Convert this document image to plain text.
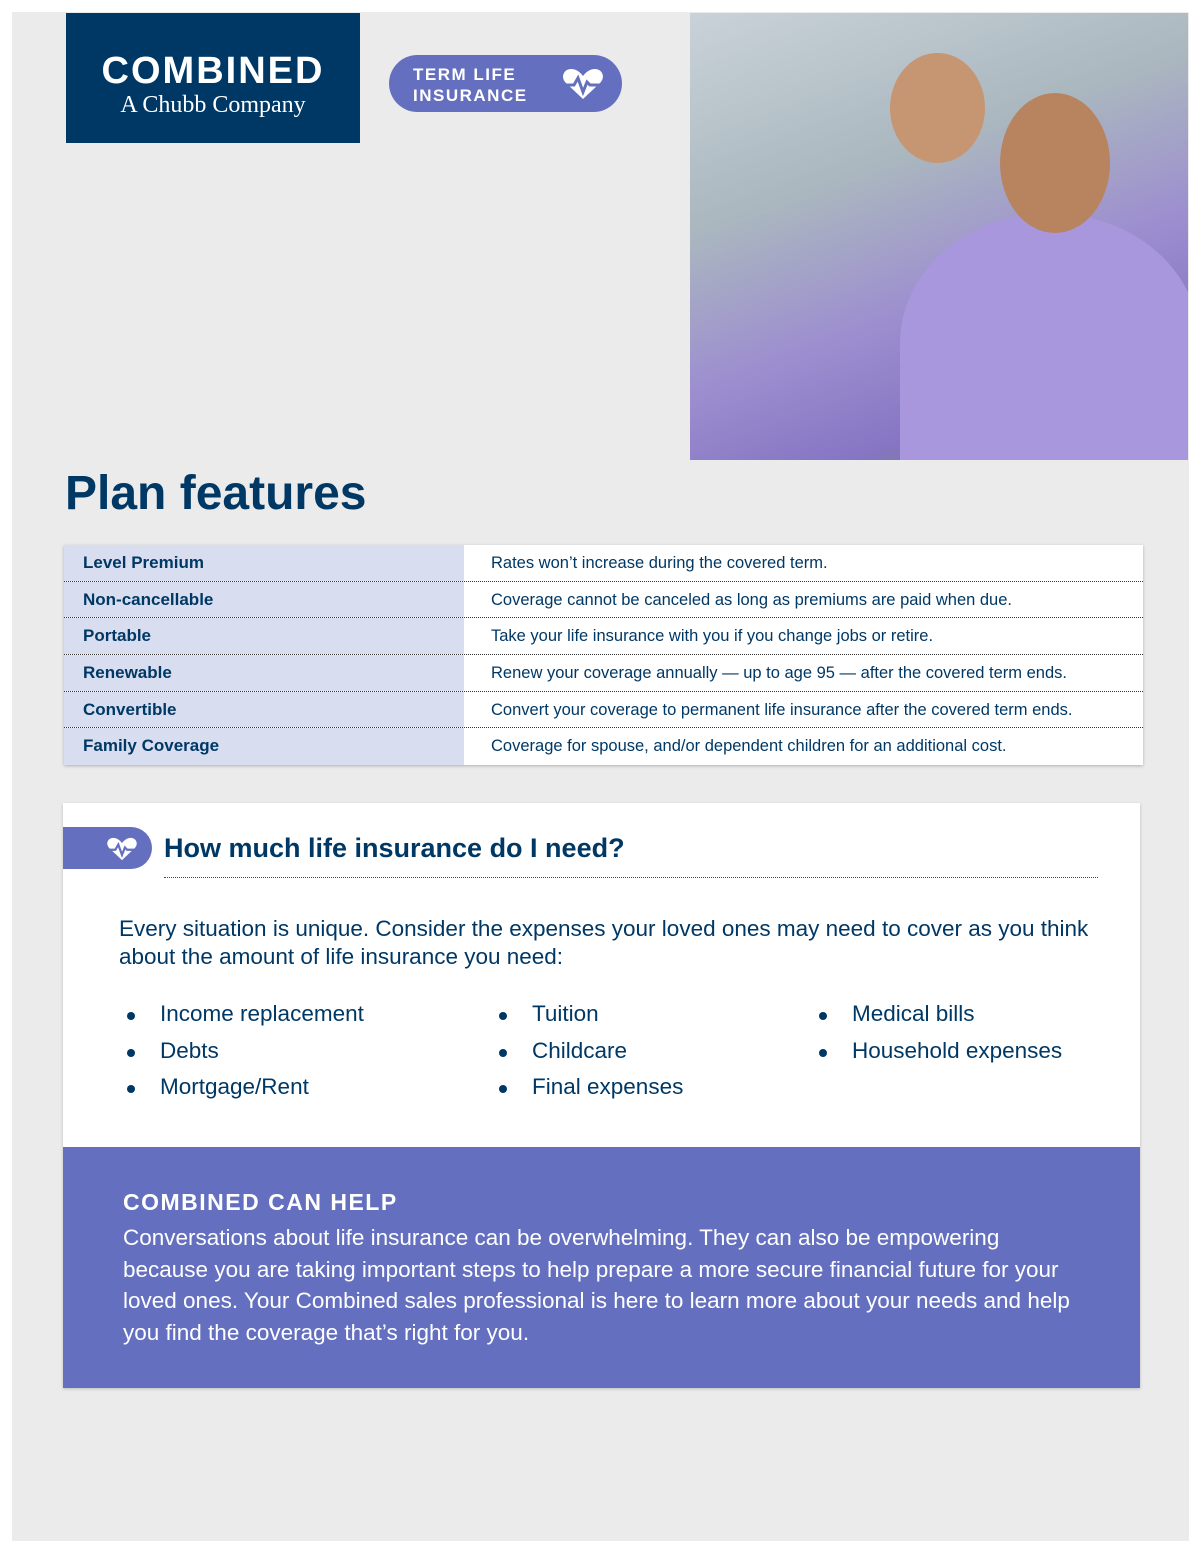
COMBINED
A Chubb Company
TERM LIFE
INSURANCE
Plan features
Level Premium	Rates won’t increase during the covered term.
Non-cancellable	Coverage cannot be canceled as long as premiums are paid when due.
Portable	Take your life insurance with you if you change jobs or retire.
Renewable	Renew your coverage annually — up to age 95 — after the covered term ends.
Convertible	Convert your coverage to permanent life insurance after the covered term ends.
Family Coverage	Coverage for spouse, and/or dependent children for an additional cost.
How much life insurance do I need?
Every situation is unique. Consider the expenses your loved ones may need to cover as you think about the amount of life insurance you need:
Income replacement
Debts
Mortgage/Rent
Tuition
Childcare
Final expenses
Medical bills
Household expenses
COMBINED CAN HELP
Conversations about life insurance can be overwhelming. They can also be empowering because you are taking important steps to help prepare a more secure financial future for your loved ones. Your Combined sales professional is here to learn more about your needs and help you find the coverage that’s right for you.
